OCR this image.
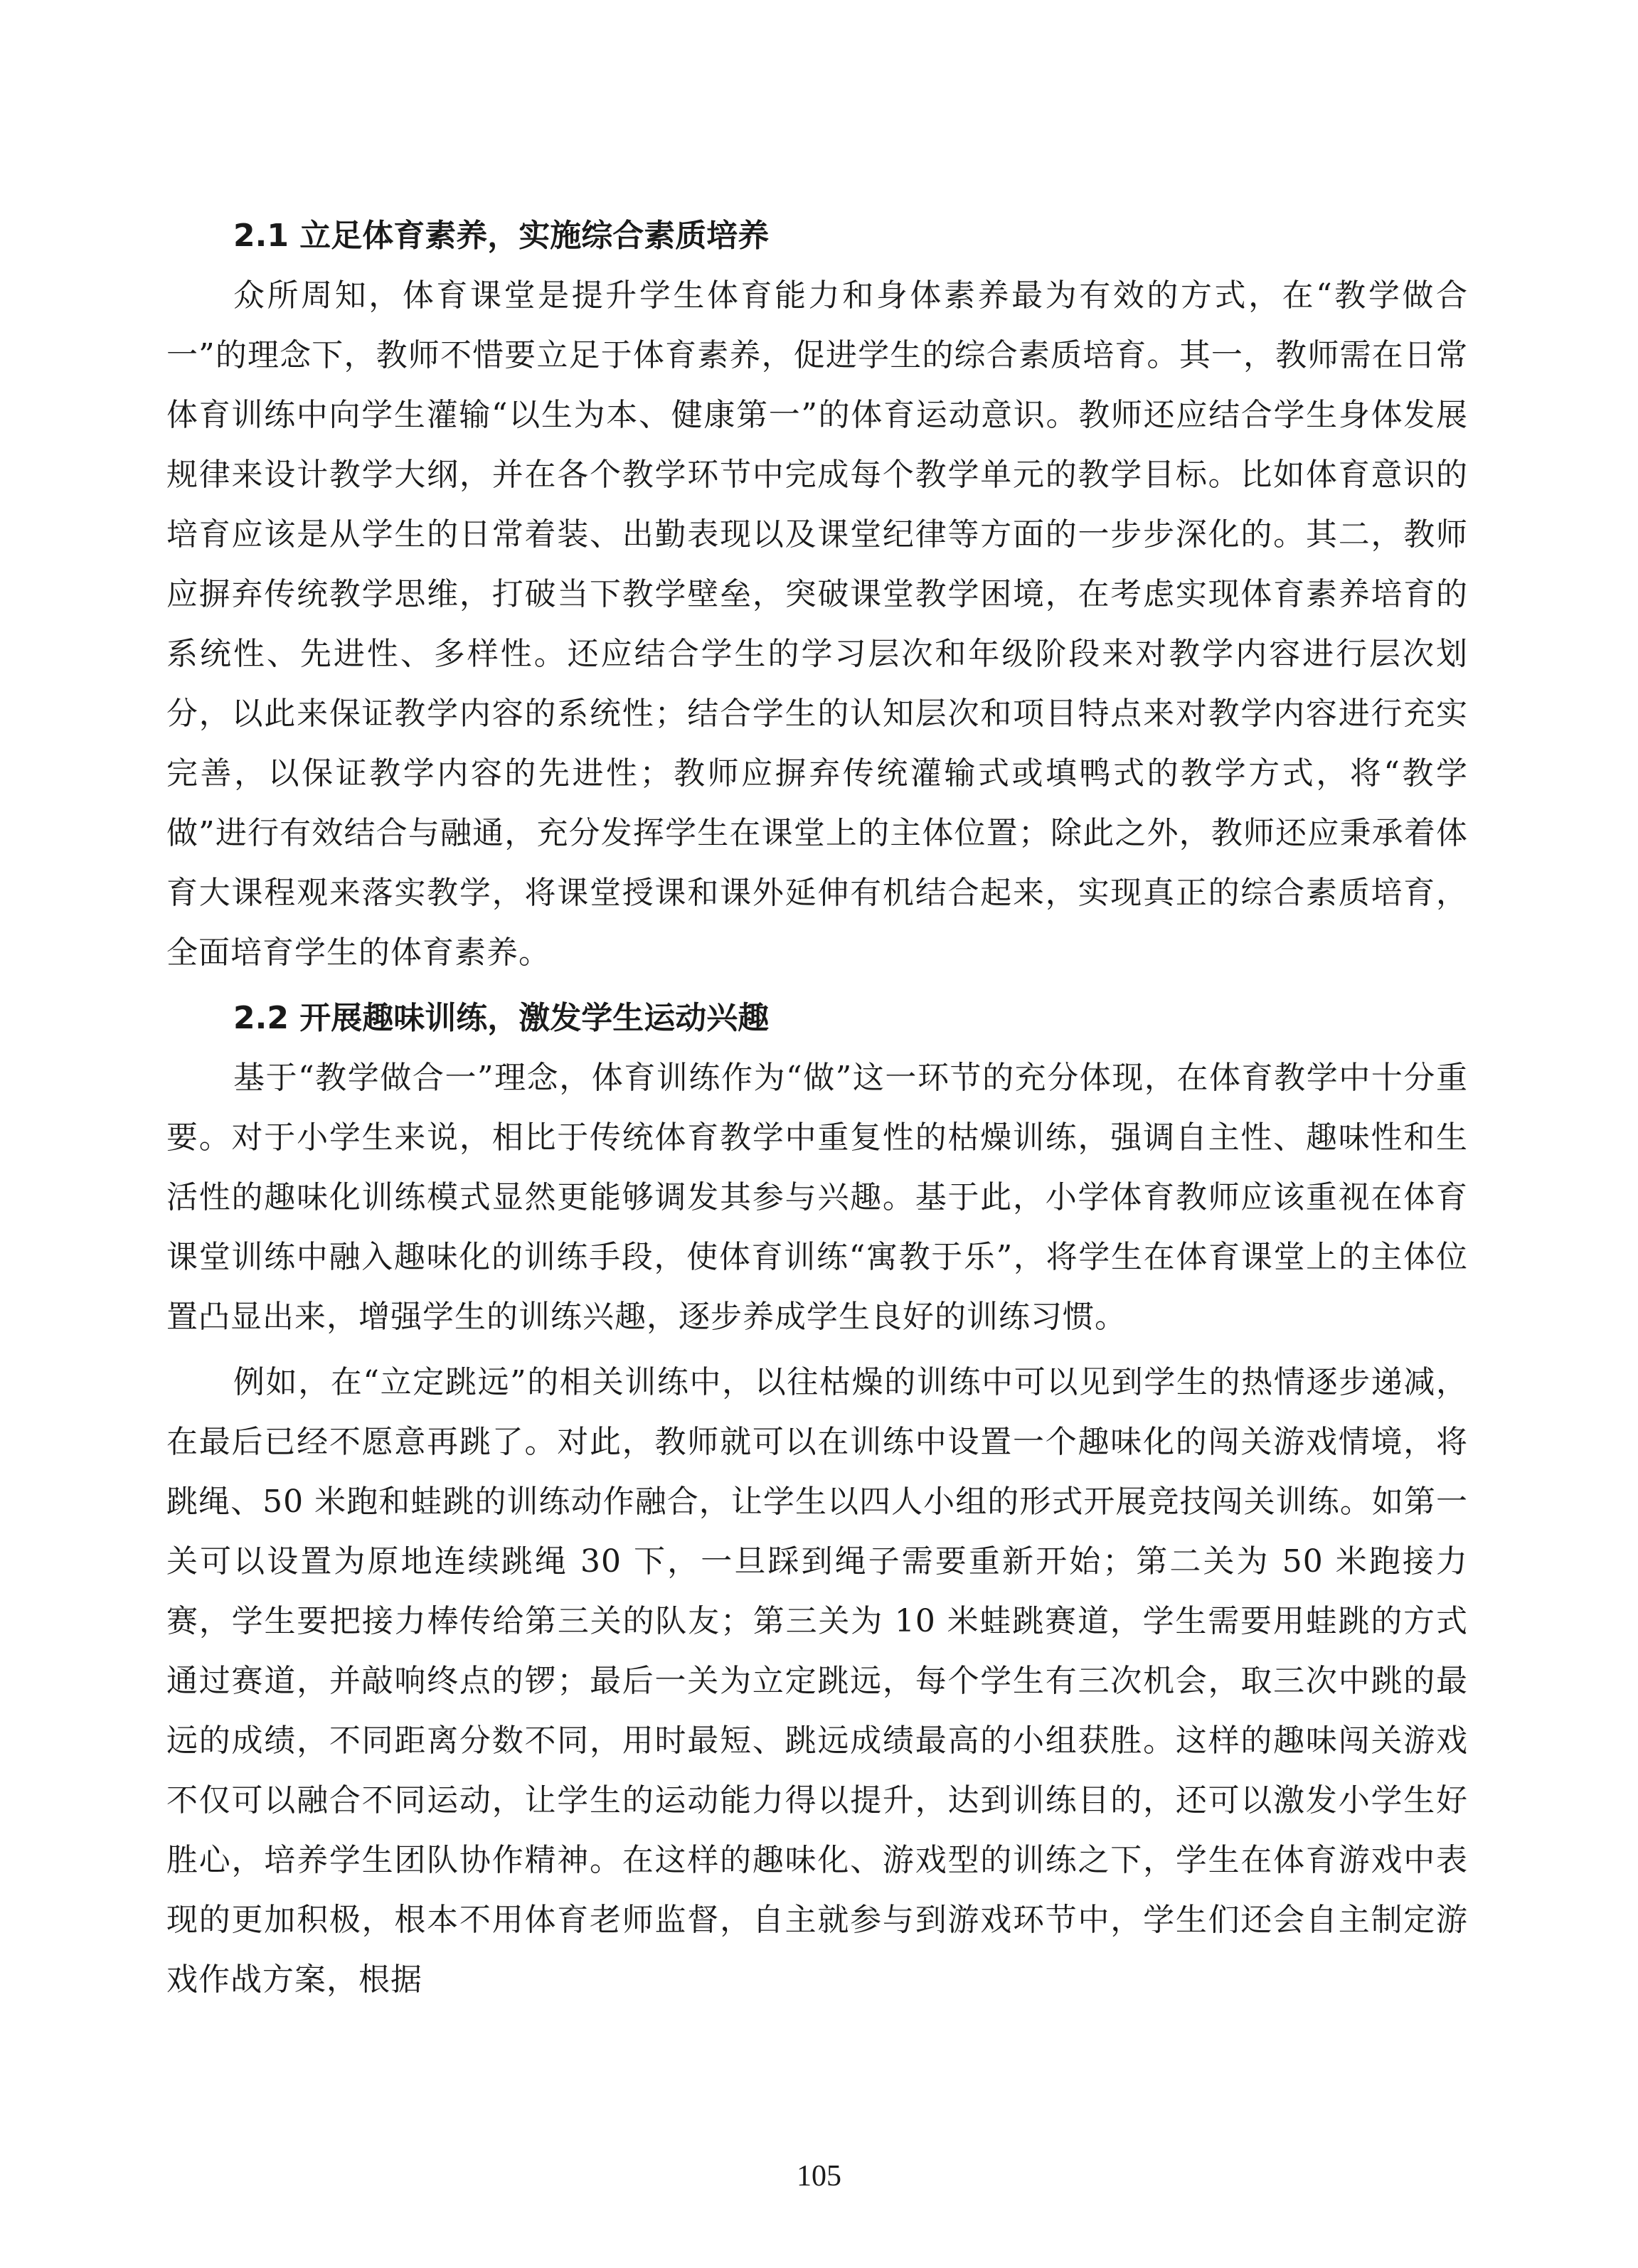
2.1 立足体育素养，实施综合素质培养

众所周知，体育课堂是提升学生体育能力和身体素养最为有效的方式，在“教学做合一”的理念下，教师不惜要立足于体育素养，促进学生的综合素质培育。其一，教师需在日常体育训练中向学生灌输“以生为本、健康第一”的体育运动意识。教师还应结合学生身体发展规律来设计教学大纲，并在各个教学环节中完成每个教学单元的教学目标。比如体育意识的培育应该是从学生的日常着装、出勤表现以及课堂纪律等方面的一步步深化的。其二，教师应摒弃传统教学思维，打破当下教学壁垒，突破课堂教学困境，在考虑实现体育素养培育的系统性、先进性、多样性。还应结合学生的学习层次和年级阶段来对教学内容进行层次划分，以此来保证教学内容的系统性；结合学生的认知层次和项目特点来对教学内容进行充实完善，以保证教学内容的先进性；教师应摒弃传统灌输式或填鸭式的教学方式，将“教学做”进行有效结合与融通，充分发挥学生在课堂上的主体位置；除此之外，教师还应秉承着体育大课程观来落实教学，将课堂授课和课外延伸有机结合起来，实现真正的综合素质培育，全面培育学生的体育素养。

2.2 开展趣味训练，激发学生运动兴趣

基于“教学做合一”理念，体育训练作为“做”这一环节的充分体现，在体育教学中十分重要。对于小学生来说，相比于传统体育教学中重复性的枯燥训练，强调自主性、趣味性和生活性的趣味化训练模式显然更能够调发其参与兴趣。基于此，小学体育教师应该重视在体育课堂训练中融入趣味化的训练手段，使体育训练“寓教于乐”，将学生在体育课堂上的主体位置凸显出来，增强学生的训练兴趣，逐步养成学生良好的训练习惯。

例如，在“立定跳远”的相关训练中，以往枯燥的训练中可以见到学生的热情逐步递减，在最后已经不愿意再跳了。对此，教师就可以在训练中设置一个趣味化的闯关游戏情境，将跳绳、50 米跑和蛙跳的训练动作融合，让学生以四人小组的形式开展竞技闯关训练。如第一关可以设置为原地连续跳绳 30 下，一旦踩到绳子需要重新开始；第二关为 50 米跑接力赛，学生要把接力棒传给第三关的队友；第三关为 10 米蛙跳赛道，学生需要用蛙跳的方式通过赛道，并敲响终点的锣；最后一关为立定跳远，每个学生有三次机会，取三次中跳的最远的成绩，不同距离分数不同，用时最短、跳远成绩最高的小组获胜。这样的趣味闯关游戏不仅可以融合不同运动，让学生的运动能力得以提升，达到训练目的，还可以激发小学生好胜心，培养学生团队协作精神。在这样的趣味化、游戏型的训练之下，学生在体育游戏中表现的更加积极，根本不用体育老师监督，自主就参与到游戏环节中，学生们还会自主制定游戏作战方案，根据

105
